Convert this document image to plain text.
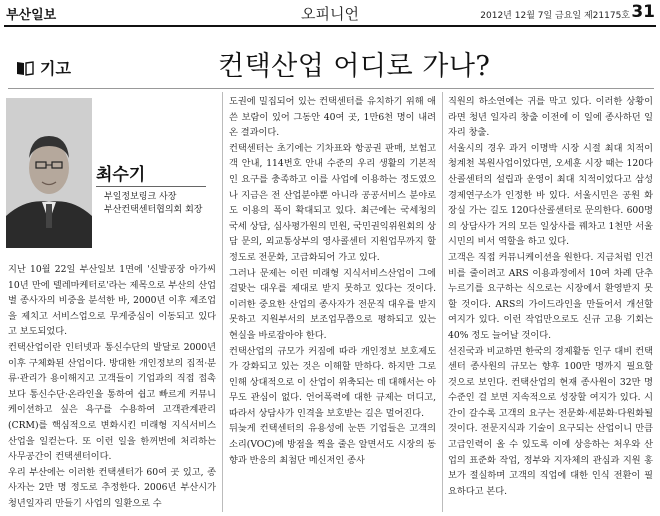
부산일보	오피니언	2012년 12월 7일 금요일 제21175호 31
기고	컨택산업 어디로 가나?
최수기
부일정보링크 사장
부산컨택센터협의회 회장

지난 10월 22일 부산일보 1면에 '신발공장 아가씨 10년 만에 텔레마케터로'라는 제목으로 부산의 산업별 종사자의 비중을 분석한 바, 2000년 이후 제조업을 제치고 서비스업으로 무게중심이 이동되고 있다고 보도되었다.

컨택산업이란 인터넷과 통신수단의 발달로 2000년 이후 구체화된 산업이다. 방대한 개인정보의 집적·분류·관리가 용이해지고 고객들이 기업과의 직접 접촉보다 통신수단·온라인을 통하여 쉽고 빠르게 커뮤니케이션하고 싶은 욕구를 수용하여 고객관계관리(CRM)를 핵심적으로 변화시킨 미래형 지식서비스산업을 일컫는다. 또 이런 일을 한꺼번에 처리하는 사무공간이 컨택센터이다.

우리 부산에는 이러한 컨택센터가 60여 곳 있고, 종사자는 2만 명 정도로 추정한다. 2006년 부산시가 청년일자리 만들기 사업의 일환으로 수

도권에 밀집되어 있는 컨택센터를 유치하기 위해 애쓴 보람이 있어 그동안 40여 곳, 1만6천 명이 내려온 결과이다.

컨택센터는 초기에는 기차표와 항공권 판매, 보험고객 안내, 114번호 안내 수준의 우리 생활의 기본적인 요구를 충족하고 이를 사업에 이용하는 정도였으나 지금은 전 산업분야뿐 아니라 공공서비스 분야로도 이용의 폭이 확대되고 있다. 최근에는 국세청의 국세 상담, 심사평가원의 민원, 국민권익위원회의 상담 문의, 외교통상부의 영사콜센터 지원업무까지 할 정도로 전문화, 고급화되어 가고 있다.

그러나 문제는 이런 미래형 지식서비스산업이 그에 걸맞는 대우를 제대로 받지 못하고 있다는 것이다. 이러한 중요한 산업의 종사자가 전문직 대우를 받지 못하고 지원부서의 보조업무쯤으로 평하되고 있는 현실을 바로잡아야 한다.

컨택산업의 규모가 커짐에 따라 개인정보 보호제도가 강화되고 있는 것은 이해할 만하다. 하지만 그로 인해 상대적으로 이 산업이 위축되는 데 대해서는 아무도 관심이 없다. 언어폭력에 대한 규제는 더디고, 따라서 상담사가 인격을 보호받는 길은 멀어진다.

뒤늦게 컨택센터의 유용성에 눈뜬 기업들은 고객의 소리(VOC)에 방점을 찍을 줄은 알면서도 시장의 동향과 반응의 최첨단 메신저인 종사

직원의 하소연에는 귀를 막고 있다. 이러한 상황이라면 청년 일자리 창출 이전에 이 일에 종사하던 일자리 창출.

서울시의 경우 과거 이명박 시장 시절 최대 치적이 청계천 복원사업이었다면, 오세훈 시장 때는 120다산콜센터의 설립과 운영이 최대 치적이었다고 삼성경제연구소가 인정한 바 있다. 서울시민은 공원 화장실 가는 길도 120다산콜센터로 문의한다. 600명의 상담사가 거의 모든 일상사를 꿰차고 1천만 서울 시민의 비서 역할을 하고 있다.

고객은 직접 커뮤니케이션을 원한다. 지금처럼 인건비를 줄이려고 ARS 이용과정에서 10여 차례 단추 누르기를 요구하는 식으로는 시장에서 환영받지 못할 것이다. ARS의 가이드라인을 만들어서 개선할 여지가 있다. 이런 작업만으로도 신규 고용 기회는 40% 정도 늘어날 것이다.

선진국과 비교하면 한국의 경제활동 인구 대비 컨택센터 종사원의 규모는 향후 100만 명까지 필요할 것으로 보인다. 컨택산업의 현재 종사원이 32만 명 수준인 걸 보면 지속적으로 성장할 여지가 있다. 시간이 갈수록 고객의 요구는 전문화·세분화·다원화될 것이다. 전문지식과 기술이 요구되는 산업이니 만큼 고급인력이 올 수 있도록 이에 상응하는 처우와 산업의 표준화 작업, 정부와 지자체의 관심과 지원 홍보가 절실하며 고객의 직업에 대한 인식 전환이 필요하다고 본다.
